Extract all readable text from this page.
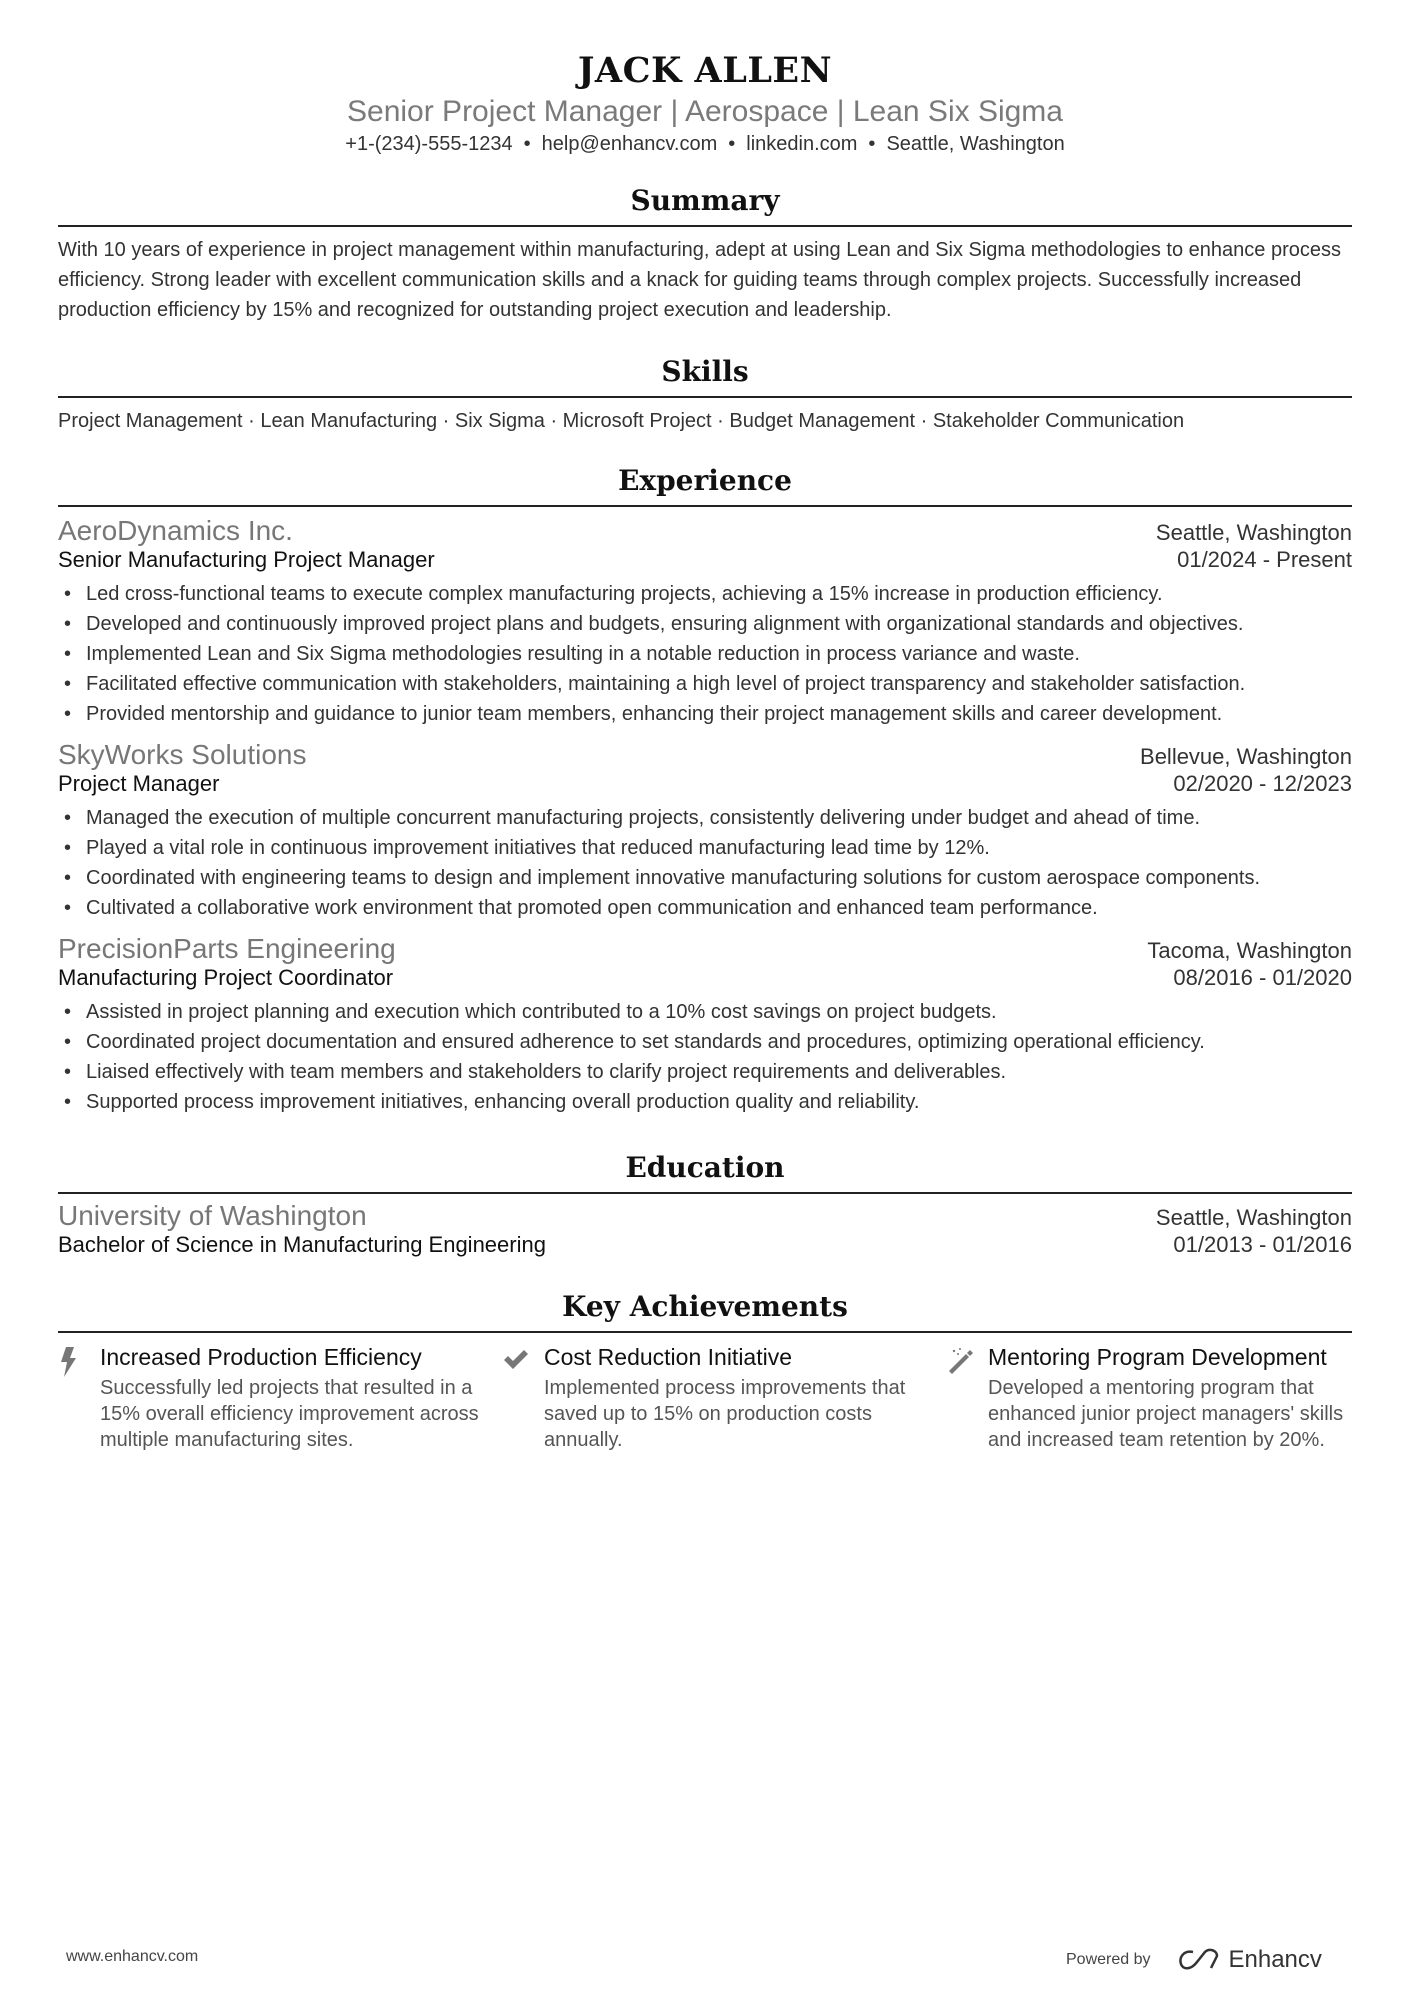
JACK ALLEN
Senior Project Manager | Aerospace | Lean Six Sigma
+1-(234)-555-1234 • help@enhancv.com • linkedin.com • Seattle, Washington
Summary

With 10 years of experience in project management within manufacturing, adept at using Lean and Six Sigma methodologies to enhance process efficiency. Strong leader with excellent communication skills and a knack for guiding teams through complex projects. Successfully increased production efficiency by 15% and recognized for outstanding project execution and leadership.

Skills

Project Management · Lean Manufacturing · Six Sigma · Microsoft Project · Budget Management · Stakeholder Communication

Experience
AeroDynamics Inc.	Seattle, Washington
Senior Manufacturing Project Manager	01/2024 - Present
• Led cross-functional teams to execute complex manufacturing projects, achieving a 15% increase in production efficiency.
• Developed and continuously improved project plans and budgets, ensuring alignment with organizational standards and objectives.
• Implemented Lean and Six Sigma methodologies resulting in a notable reduction in process variance and waste.
• Facilitated effective communication with stakeholders, maintaining a high level of project transparency and stakeholder satisfaction.
• Provided mentorship and guidance to junior team members, enhancing their project management skills and career development.
SkyWorks Solutions	Bellevue, Washington
Project Manager	02/2020 - 12/2023
• Managed the execution of multiple concurrent manufacturing projects, consistently delivering under budget and ahead of time.
• Played a vital role in continuous improvement initiatives that reduced manufacturing lead time by 12%.
• Coordinated with engineering teams to design and implement innovative manufacturing solutions for custom aerospace components.
• Cultivated a collaborative work environment that promoted open communication and enhanced team performance.
PrecisionParts Engineering	Tacoma, Washington
Manufacturing Project Coordinator	08/2016 - 01/2020
• Assisted in project planning and execution which contributed to a 10% cost savings on project budgets.
• Coordinated project documentation and ensured adherence to set standards and procedures, optimizing operational efficiency.
• Liaised effectively with team members and stakeholders to clarify project requirements and deliverables.
• Supported process improvement initiatives, enhancing overall production quality and reliability.
Education
University of Washington	Seattle, Washington
Bachelor of Science in Manufacturing Engineering	01/2013 - 01/2016
Key Achievements
Increased Production Efficiency
Successfully led projects that resulted in a 15% overall efficiency improvement across multiple manufacturing sites.
Cost Reduction Initiative
Implemented process improvements that saved up to 15% on production costs annually.
Mentoring Program Development
Developed a mentoring program that enhanced junior project managers' skills and increased team retention by 20%.
www.enhancv.com	Powered by	Enhancv
